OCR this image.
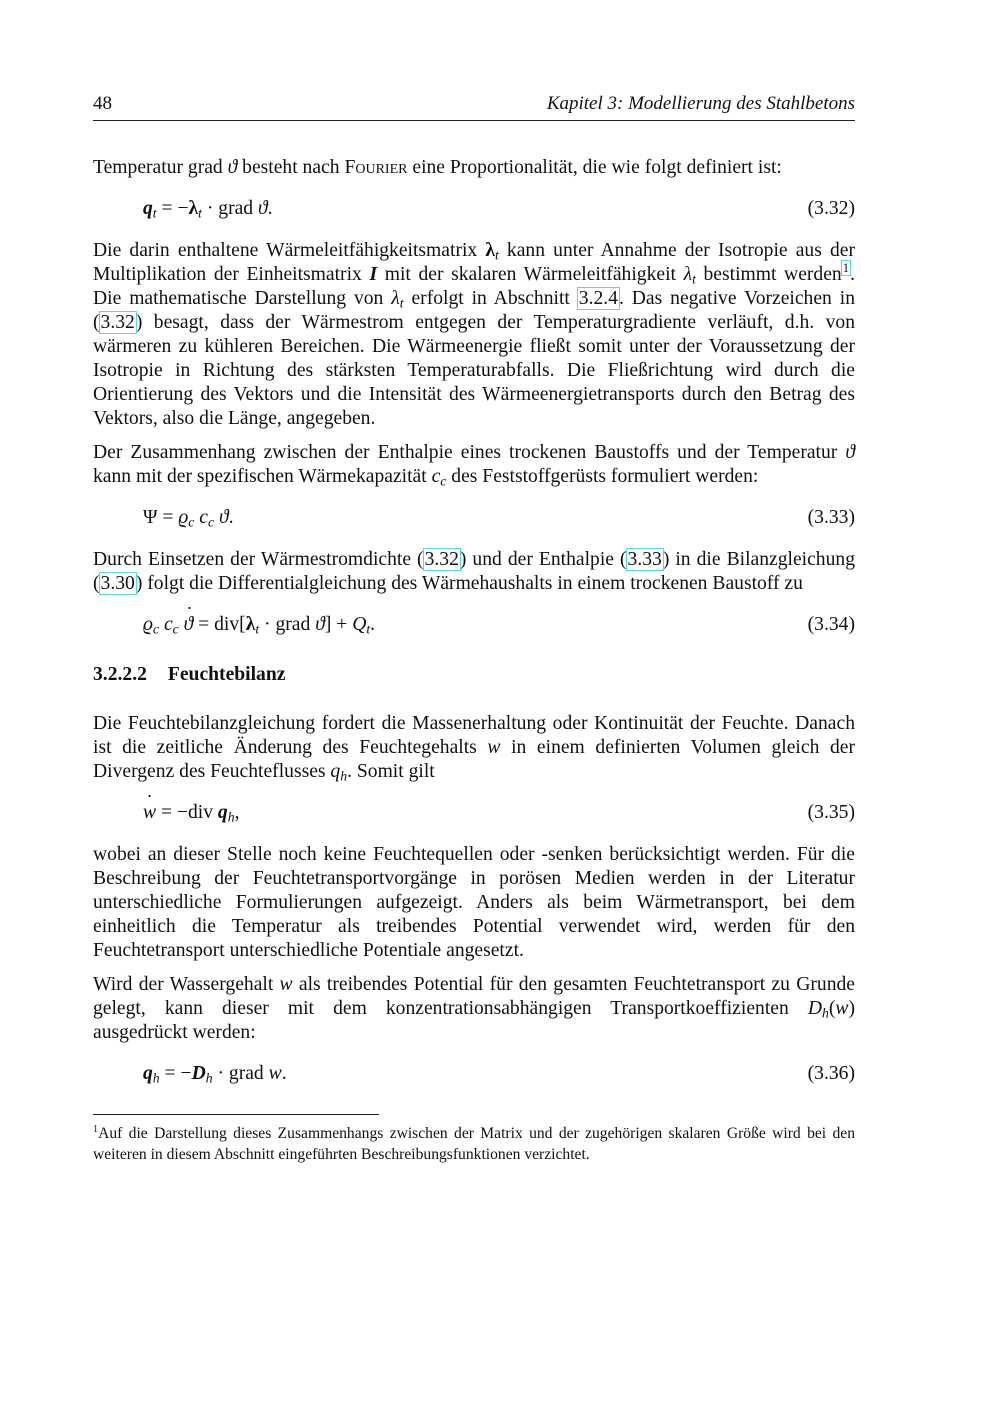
48	Kapitel 3: Modellierung des Stahlbetons

Temperatur grad ϑ besteht nach Fourier eine Proportionalität, die wie folgt definiert ist:

$q_t = -\lambda_t$ · grad ϑ.	(3.32)

Die darin enthaltene Wärmeleitfähigkeitsmatrix $\lambda_t$ kann unter Annahme der Isotropie aus der Multiplikation der Einheitsmatrix I mit der skalaren Wärmeleitfähigkeit $\lambda_t$ bestimmt werden$^1$. Die mathematische Darstellung von $\lambda_t$ erfolgt in Abschnitt 3.2.4. Das negative Vorzeichen in (3.32) besagt, dass der Wärmestrom entgegen der Temperaturgradiente verläuft, d.h. von wärmeren zu kühleren Bereichen. Die Wärmeenergie fließt somit unter der Voraussetzung der Isotropie in Richtung des stärksten Temperaturabfalls. Die Fließrichtung wird durch die Orientierung des Vektors und die Intensität des Wärmeenergietransports durch den Betrag des Vektors, also die Länge, angegeben.

Der Zusammenhang zwischen der Enthalpie eines trockenen Baustoffs und der Temperatur ϑ kann mit der spezifischen Wärmekapazität $c_c$ des Feststoffgerüsts formuliert werden:

$\Psi = ϱ_c$ $c_c$ ϑ.	(3.33)

Durch Einsetzen der Wärmestromdichte (3.32) und der Enthalpie (3.33) in die Bilanzgleichung (3.30) folgt die Differentialgleichung des Wärmehaushalts in einem trockenen Baustoff zu

$ϱ_c$ $c_c$ ˙ $ϑ = div[\lambda_t$ · grad $ϑ] + Q_t$.	(3.34)
3.2.2.2 Feuchtebilanz

Die Feuchtebilanzgleichung fordert die Massenerhaltung oder Kontinuität der Feuchte. Danach ist die zeitliche Änderung des Feuchtegehalts w in einem definierten Volumen gleich der Divergenz des Feuchteflusses $q_h$. Somit gilt

˙ w = −div $q_h$,	(3.35)

wobei an dieser Stelle noch keine Feuchtequellen oder -senken berücksichtigt werden. Für die Beschreibung der Feuchtetransportvorgänge in porösen Medien werden in der Literatur unterschiedliche Formulierungen aufgezeigt. Anders als beim Wärmetransport, bei dem einheitlich die Temperatur als treibendes Potential verwendet wird, werden für den Feuchtetransport unterschiedliche Potentiale angesetzt.

Wird der Wassergehalt w als treibendes Potential für den gesamten Feuchtetransport zu Grunde gelegt, kann dieser mit dem konzentrationsabhängigen Transportkoeffizienten $D_h(w)$ ausgedrückt werden:

$q_h = -D_h$ · grad w.	(3.36)
$^1$Auf die Darstellung dieses Zusammenhangs zwischen der Matrix und der zugehörigen skalaren Größe wird bei den weiteren in diesem Abschnitt eingeführten Beschreibungsfunktionen verzichtet.
